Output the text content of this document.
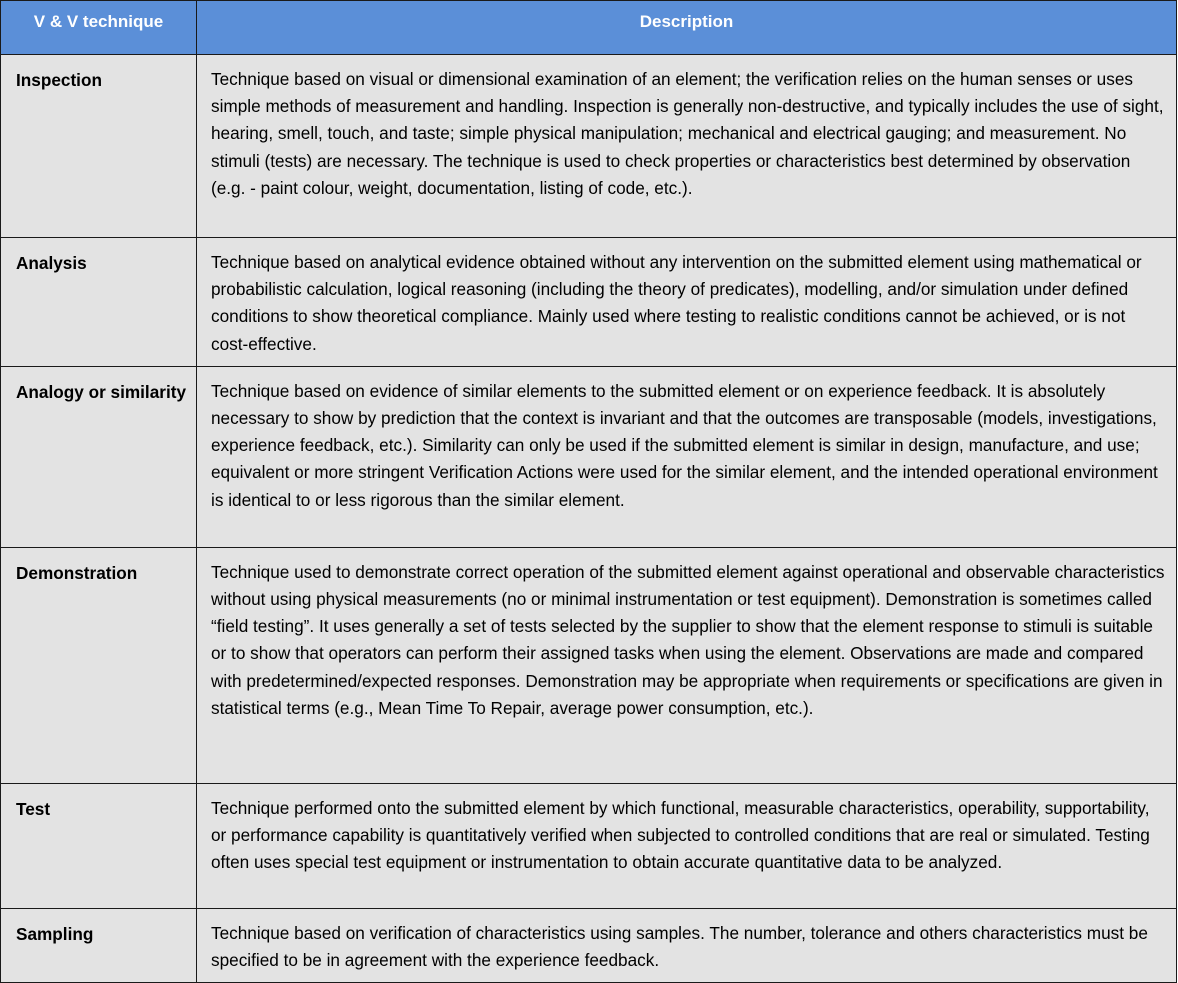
V & V technique	Description
Inspection	Technique based on visual or dimensional examination of an element; the verification relies on the human senses or uses simple methods of measurement and handling. Inspection is generally non-destructive, and typically includes the use of sight, hearing, smell, touch, and taste; simple physical manipulation; mechanical and electrical gauging; and measurement. No stimuli (tests) are necessary. The technique is used to check properties or characteristics best determined by observation (e.g. - paint colour, weight, documentation, listing of code, etc.).
Analysis	Technique based on analytical evidence obtained without any intervention on the submitted element using mathematical or probabilistic calculation, logical reasoning (including the theory of predicates), modelling, and/or simulation under defined conditions to show theoretical compliance. Mainly used where testing to realistic conditions cannot be achieved, or is not cost-effective.
Analogy or similarity	Technique based on evidence of similar elements to the submitted element or on experience feedback. It is absolutely necessary to show by prediction that the context is invariant and that the outcomes are transposable (models, investigations, experience feedback, etc.). Similarity can only be used if the submitted element is similar in design, manufacture, and use; equivalent or more stringent Verification Actions were used for the similar element, and the intended operational environment is identical to or less rigorous than the similar element.
Demonstration	Technique used to demonstrate correct operation of the submitted element against operational and observable characteristics without using physical measurements (no or minimal instrumentation or test equipment). Demonstration is sometimes called “field testing”. It uses generally a set of tests selected by the supplier to show that the element response to stimuli is suitable or to show that operators can perform their assigned tasks when using the element. Observations are made and compared with predetermined/expected responses. Demonstration may be appropriate when requirements or specifications are given in statistical terms (e.g., Mean Time To Repair, average power consumption, etc.).
Test	Technique performed onto the submitted element by which functional, measurable characteristics, operability, supportability, or performance capability is quantitatively verified when subjected to controlled conditions that are real or simulated. Testing often uses special test equipment or instrumentation to obtain accurate quantitative data to be analyzed.
Sampling	Technique based on verification of characteristics using samples. The number, tolerance and others characteristics must be specified to be in agreement with the experience feedback.
